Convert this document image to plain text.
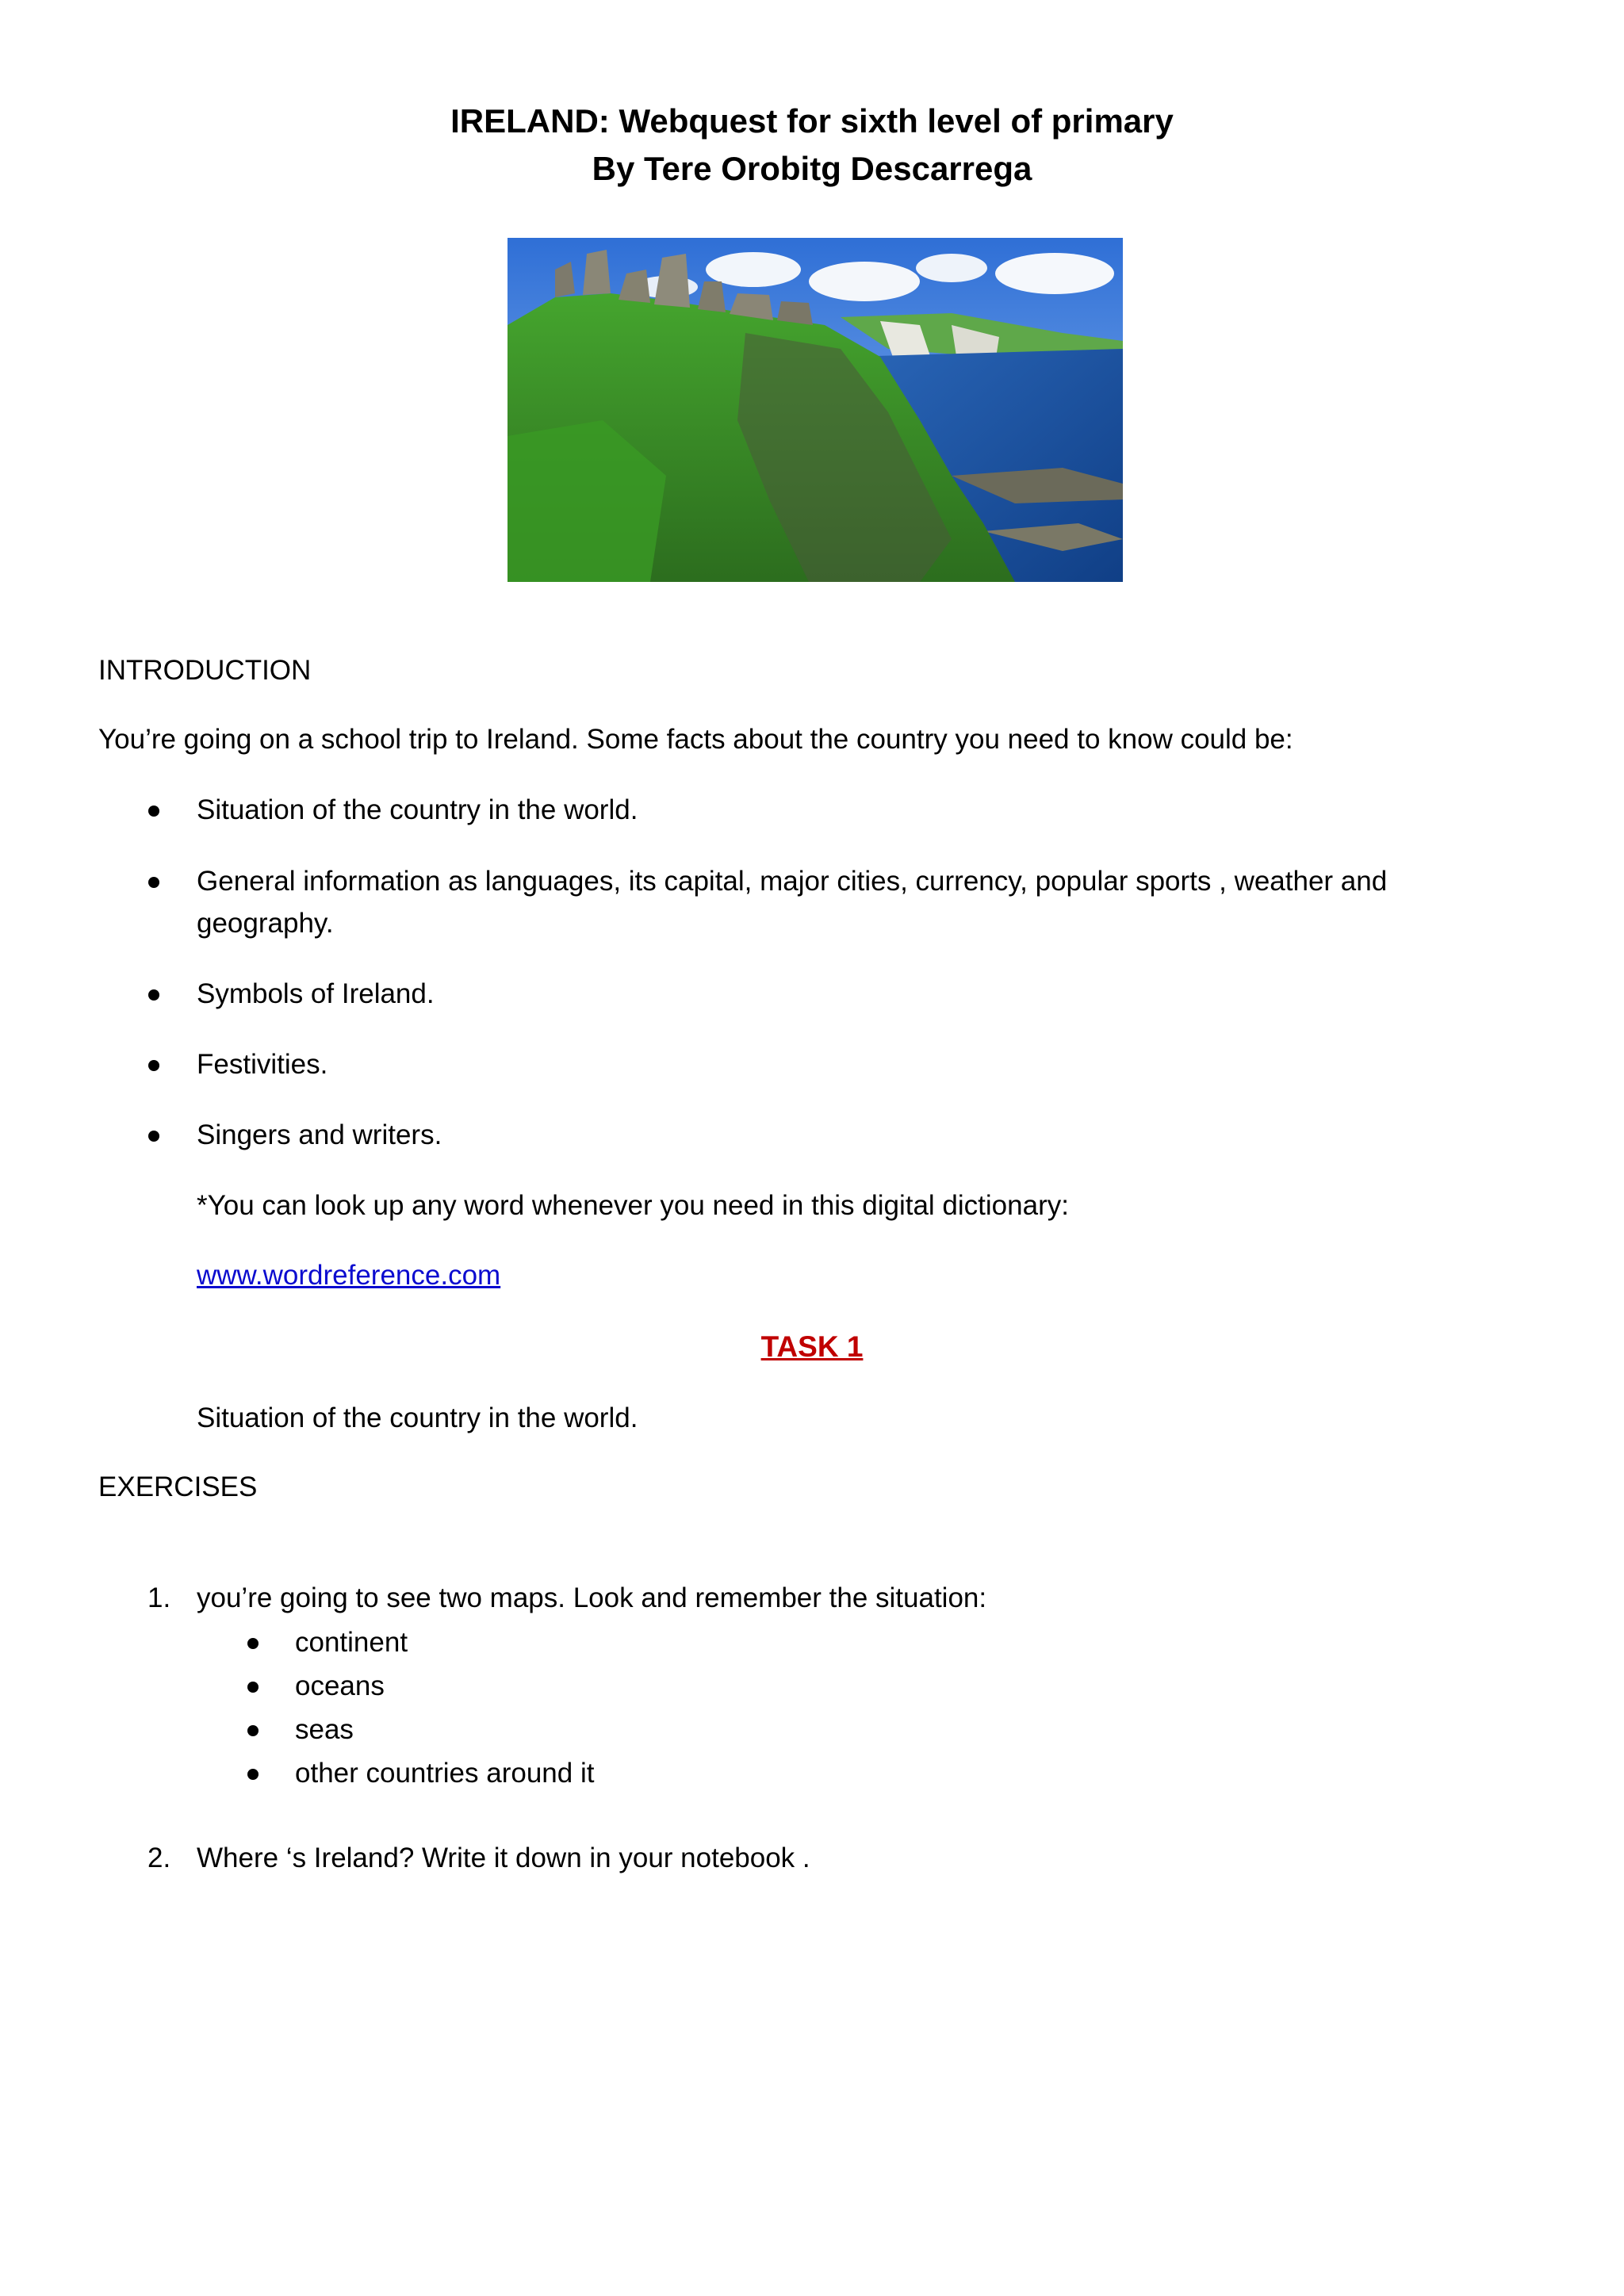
IRELAND: Webquest for sixth level of primary
By Tere Orobitg Descarrega
INTRODUCTION
You’re going on a school trip to Ireland. Some facts about the country you need to know could be:
Situation of the country in the world.
General information as languages, its capital, major cities, currency, popular sports , weather and
geography.
Symbols of Ireland.
Festivities.
Singers and writers.
*You can look up any word whenever you need in this digital dictionary:
www.wordreference.com
TASK 1
Situation of the country in the world.
EXERCISES
1. you’re going to see two maps. Look and remember the situation:
continent
oceans
seas
other countries around it
2. Where ‘s Ireland? Write it down in your notebook .
